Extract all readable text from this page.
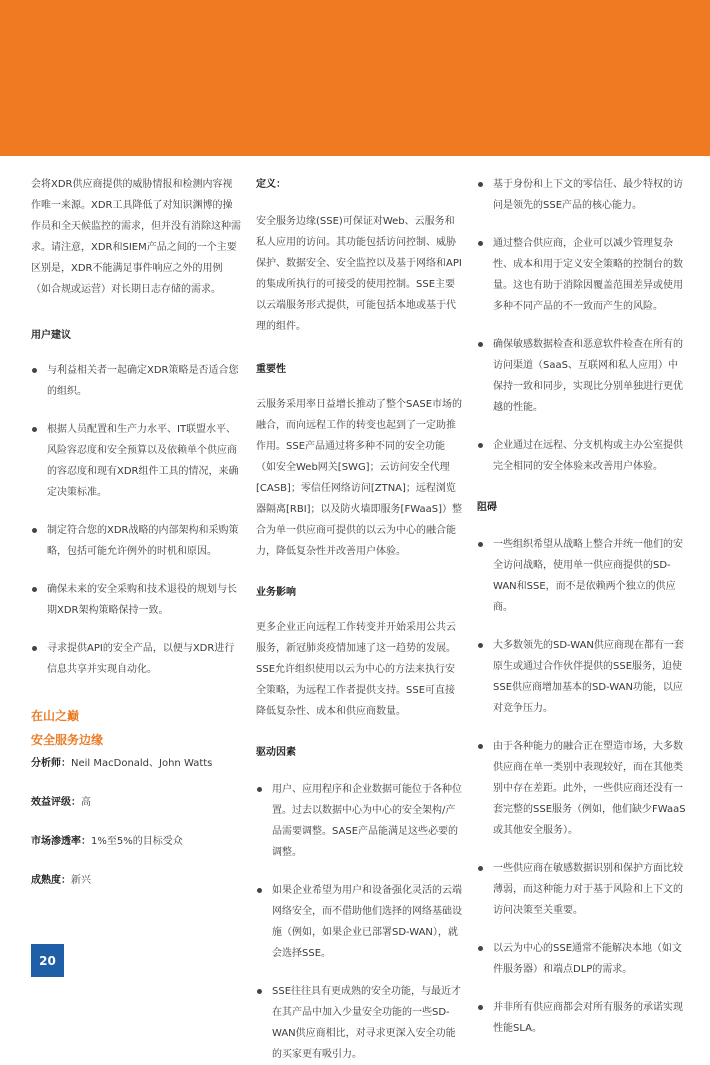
会将XDR供应商提供的威胁情报和检测内容视作唯一来源。XDR工具降低了对知识渊博的操作员和全天候监控的需求，但并没有消除这种需求。请注意，XDR和SIEM产品之间的一个主要区别是，XDR不能满足事件响应之外的用例（如合规或运营）对长期日志存储的需求。

用户建议

与利益相关者一起确定XDR策略是否适合您的组织。
根据人员配置和生产力水平、IT联盟水平、风险容忍度和安全预算以及依赖单个供应商的容忍度和现有XDR组件工具的情况，来确定决策标准。
制定符合您的XDR战略的内部架构和采购策略，包括可能允许例外的时机和原因。
确保未来的安全采购和技术退役的规划与长期XDR架构策略保持一致。
寻求提供API的安全产品，以便与XDR进行信息共享并实现自动化。

在山之巅

安全服务边缘

分析师：Neil MacDonald、John Watts

效益评级：高

市场渗透率：1%至5%的目标受众

成熟度：新兴

定义：

安全服务边缘(SSE)可保证对Web、云服务和私人应用的访问。其功能包括访问控制、威胁保护、数据安全、安全监控以及基于网络和API的集成所执行的可接受的使用控制。SSE主要以云端服务形式提供，可能包括本地或基于代理的组件。

重要性

云服务采用率日益增长推动了整个SASE市场的融合，而向远程工作的转变也起到了一定助推作用。SSE产品通过将多种不同的安全功能（如安全Web网关[SWG]；云访问安全代理[CASB]；零信任网络访问[ZTNA]；远程浏览器隔离[RBI]；以及防火墙即服务[FWaaS]）整合为单一供应商可提供的以云为中心的融合能力，降低复杂性并改善用户体验。

业务影响

更多企业正向远程工作转变并开始采用公共云服务，新冠肺炎疫情加速了这一趋势的发展。SSE允许组织使用以云为中心的方法来执行安全策略，为远程工作者提供支持。SSE可直接降低复杂性、成本和供应商数量。

驱动因素

用户、应用程序和企业数据可能位于各种位置。过去以数据中心为中心的安全架构/产品需要调整。SASE产品能满足这些必要的调整。
如果企业希望为用户和设备强化灵活的云端网络安全，而不借助他们选择的网络基础设施（例如，如果企业已部署SD-WAN），就会选择SSE。
SSE往往具有更成熟的安全功能，与最近才在其产品中加入少量安全功能的一些SD-WAN供应商相比，对寻求更深入安全功能的买家更有吸引力。
基于身份和上下文的零信任、最少特权的访问是领先的SSE产品的核心能力。
通过整合供应商，企业可以减少管理复杂性、成本和用于定义安全策略的控制台的数量。这也有助于消除因覆盖范围差异或使用多种不同产品的不一致而产生的风险。
确保敏感数据检查和恶意软件检查在所有的访问渠道（SaaS、互联网和私人应用）中保持一致和同步，实现比分别单独进行更优越的性能。
企业通过在远程、分支机构或主办公室提供完全相同的安全体验来改善用户体验。

阻碍

一些组织希望从战略上整合并统一他们的安全访问战略，使用单一供应商提供的SD-WAN和SSE，而不是依赖两个独立的供应商。
大多数领先的SD-WAN供应商现在都有一套原生或通过合作伙伴提供的SSE服务，迫使SSE供应商增加基本的SD-WAN功能，以应对竞争压力。
由于各种能力的融合正在塑造市场，大多数供应商在单一类别中表现较好，而在其他类别中存在差距。此外，一些供应商还没有一套完整的SSE服务（例如，他们缺少FWaaS或其他安全服务）。
一些供应商在敏感数据识别和保护方面比较薄弱，而这种能力对于基于风险和上下文的访问决策至关重要。
以云为中心的SSE通常不能解决本地（如文件服务器）和端点DLP的需求。
并非所有供应商都会对所有服务的承诺实现性能SLA。
20
